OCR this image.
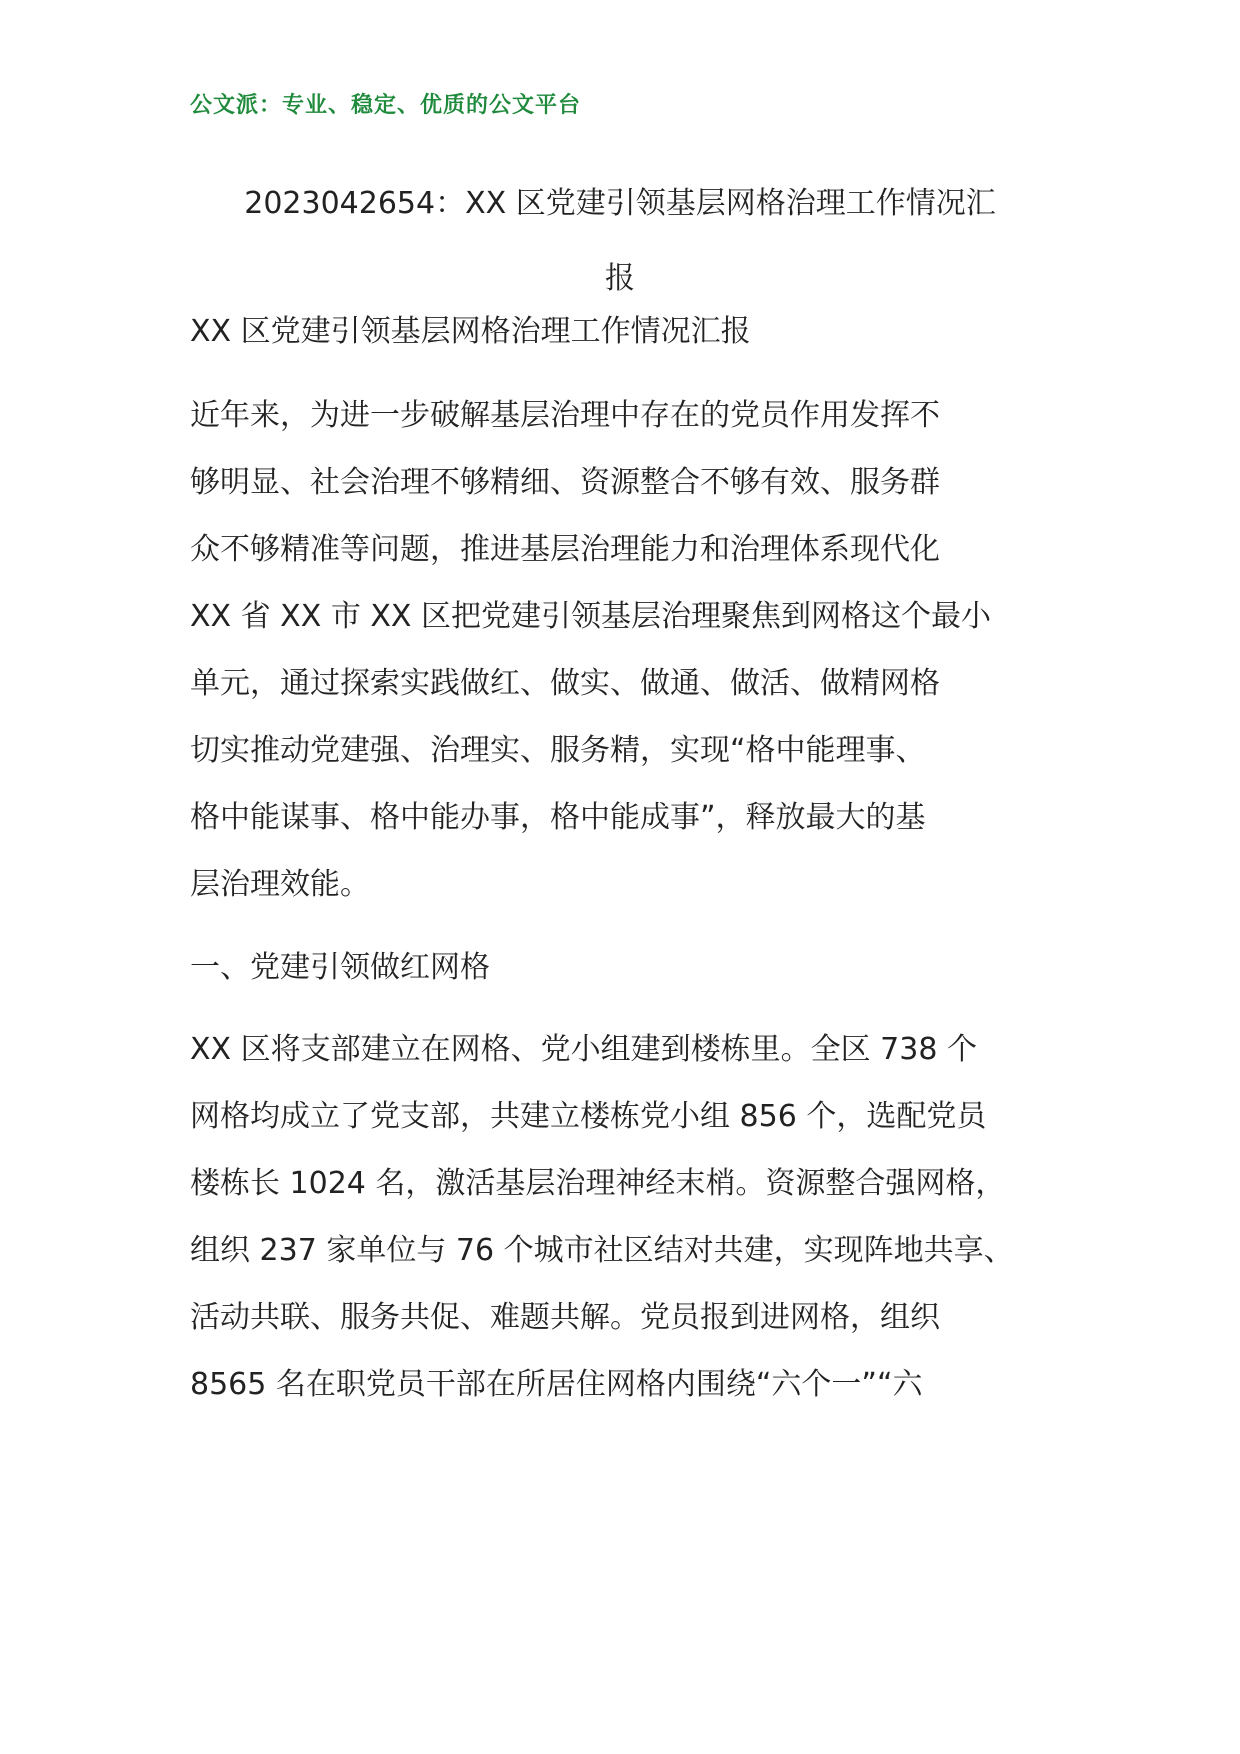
公文派：专业、稳定、优质的公文平台
2023042654：XX 区党建引领基层网格治理工作情况汇
报
XX 区党建引领基层网格治理工作情况汇报
近年来，为进一步破解基层治理中存在的党员作用发挥不
够明显、社会治理不够精细、资源整合不够有效、服务群
众不够精准等问题，推进基层治理能力和治理体系现代化
XX 省 XX 市 XX 区把党建引领基层治理聚焦到网格这个最小
单元，通过探索实践做红、做实、做通、做活、做精网格
切实推动党建强、治理实、服务精，实现“格中能理事、
格中能谋事、格中能办事，格中能成事”，释放最大的基
层治理效能。
一、党建引领做红网格
XX 区将支部建立在网格、党小组建到楼栋里。全区 738 个
网格均成立了党支部，共建立楼栋党小组 856 个，选配党员
楼栋长 1024 名，激活基层治理神经末梢。资源整合强网格，
组织 237 家单位与 76 个城市社区结对共建，实现阵地共享、
活动共联、服务共促、难题共解。党员报到进网格，组织
8565 名在职党员干部在所居住网格内围绕“六个一”“六
